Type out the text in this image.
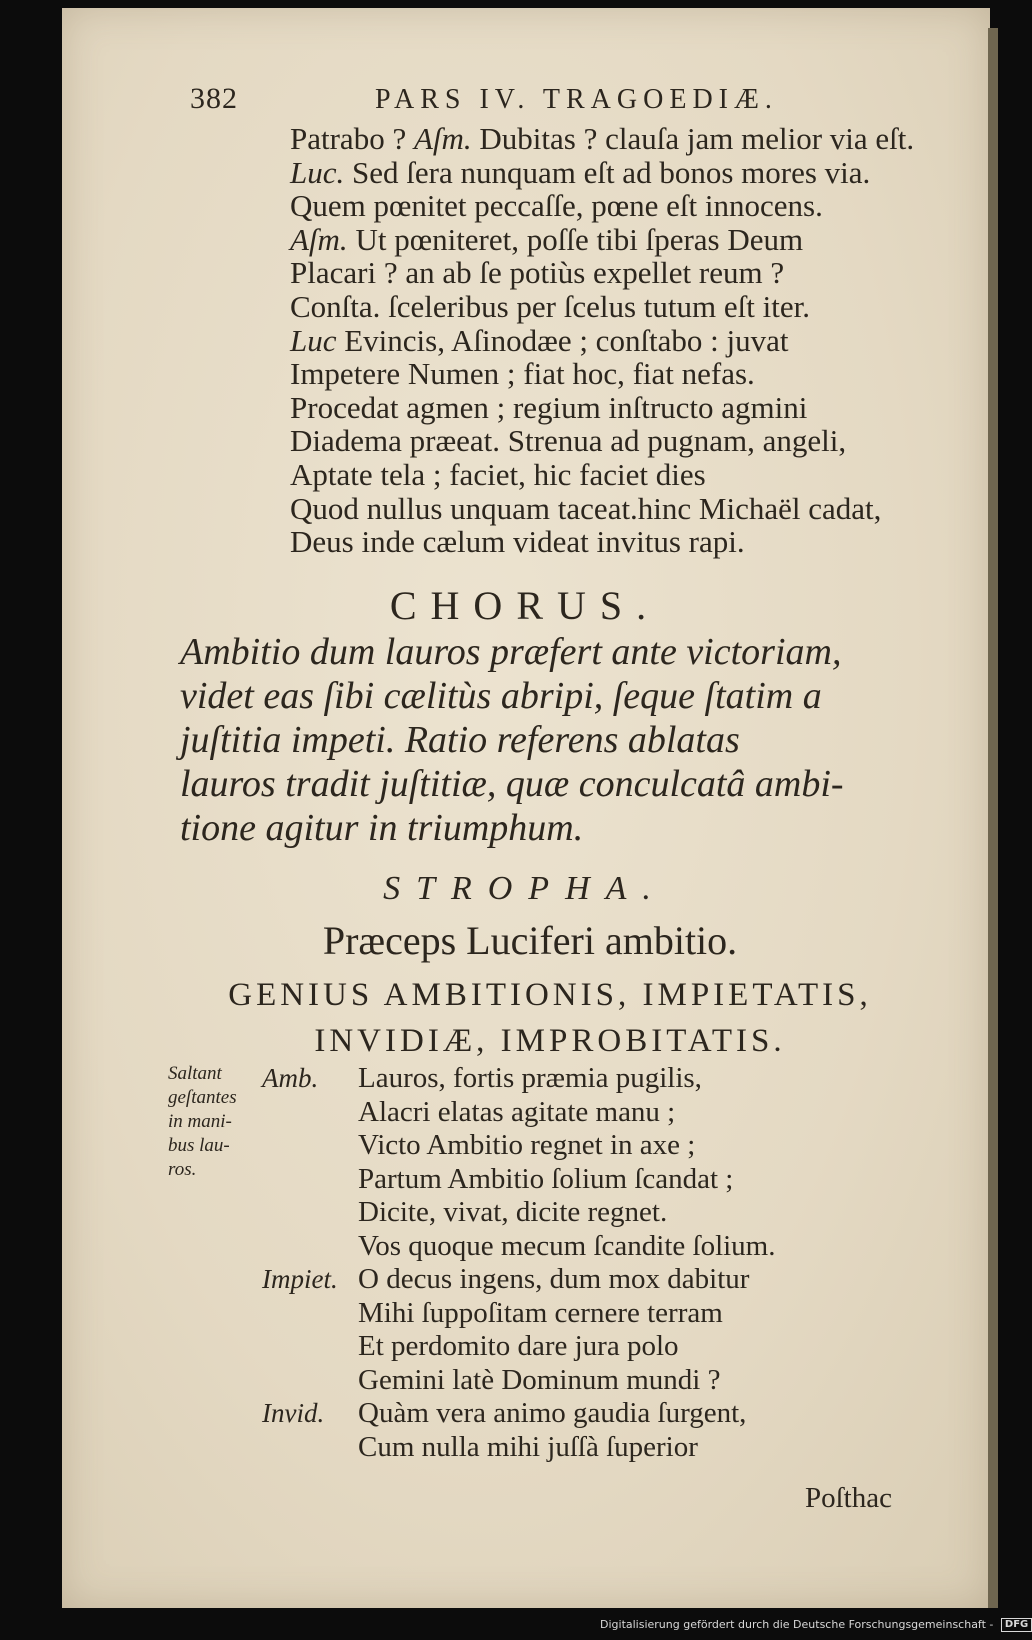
382	PARS IV. TRAGOEDIÆ.
Patrabo ? Aſm. Dubitas ? clauſa jam melior via eſt.
Luc. Sed ſera nunquam eſt ad bonos mores via.
Quem pœnitet peccaſſe, pœne eſt innocens.
Aſm. Ut pœniteret, poſſe tibi ſperas Deum
Placari ? an ab ſe potiùs expellet reum ?
Conſta. ſceleribus per ſcelus tutum eſt iter.
Luc Evincis, Aſinodæe ; conſtabo : juvat
Impetere Numen ; fiat hoc, fiat nefas.
Procedat agmen ; regium inſtructo agmini
Diadema præeat. Strenua ad pugnam, angeli,
Aptate tela ; faciet, hic faciet dies
Quod nullus unquam taceat.hinc Michaël cadat,
Deus inde cælum videat invitus rapi.
CHORUS.
Ambitio dum lauros præfert ante victoriam,
videt eas ſibi cælitùs abripi, ſeque ſtatim a
juſtitia impeti. Ratio referens ablatas
lauros tradit juſtitiæ, quæ conculcatâ ambi-
tione agitur in triumphum.
STROPHA.
Præceps Luciferi ambitio.
GENIUS AMBITIONIS, IMPIETATIS,
INVIDIÆ, IMPROBITATIS.
Saltant
geſtantes
in mani-
bus lau-
ros.
Amb.	Lauros, fortis præmia pugilis,
Alacri elatas agitate manu ;
Victo Ambitio regnet in axe ;
Partum Ambitio ſolium ſcandat ;
Dicite, vivat, dicite regnet.
Vos quoque mecum ſcandite ſolium.
Impiet. O decus ingens, dum mox dabitur
Mihi ſuppoſitam cernere terram
Et perdomito dare jura polo
Gemini latè Dominum mundi ?
Invid.	Quàm vera animo gaudia ſurgent,
Cum nulla mihi juſſà ſuperior
Poſthac
Digitalisierung gefördert durch die Deutsche Forschungsgemeinschaft - DFG
